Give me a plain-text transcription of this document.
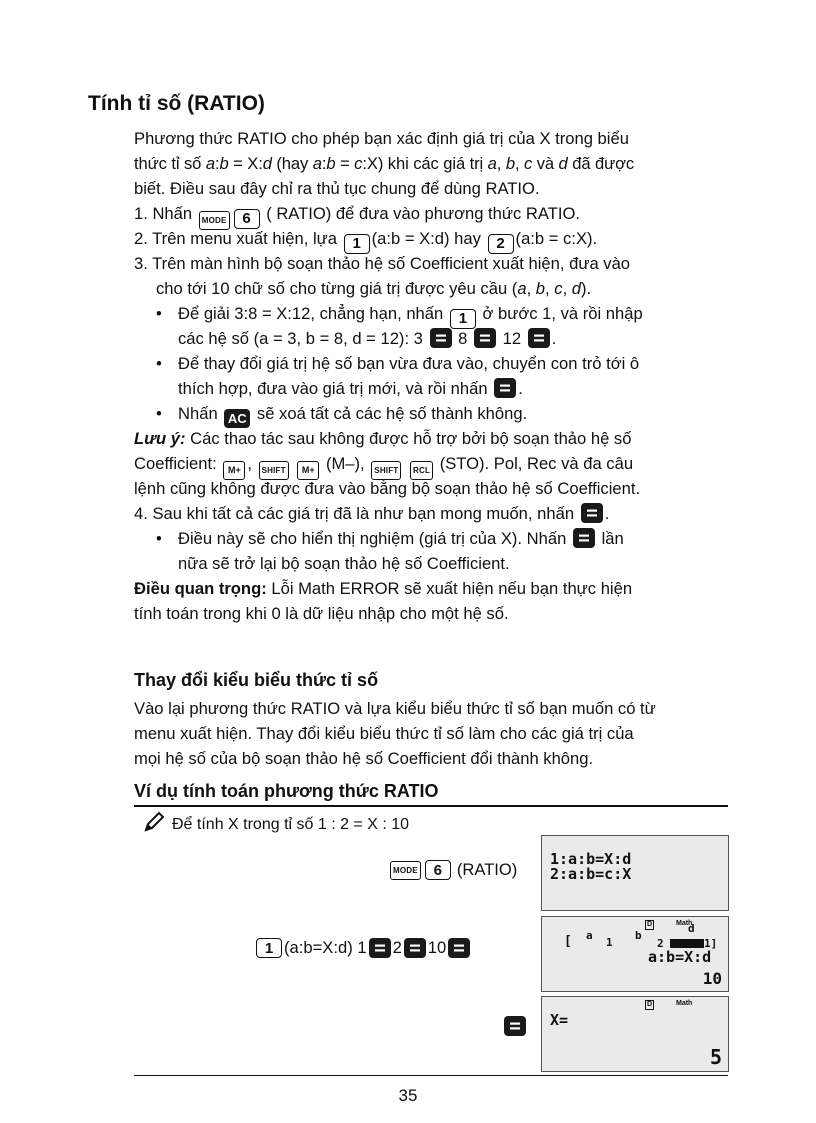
Tính tỉ số (RATIO)
Phương thức RATIO cho phép bạn xác định giá trị của X trong biểu
thức tỉ số a:b = X:d (hay a:b = c:X) khi các giá trị a, b, c và d đã được
biết. Điều sau đây chỉ ra thủ tục chung để dùng RATIO.
1. Nhấn MODE 6 ( RATIO) để đưa vào phương thức RATIO.
2. Trên menu xuất hiện, lựa 1 (a:b = X:d) hay 2 (a:b = c:X).
3. Trên màn hình bộ soạn thảo hệ số Coefficient xuất hiện, đưa vào
cho tới 10 chữ số cho từng giá trị được yêu cầu (a, b, c, d).
• Để giải 3:8 = X:12, chẳng hạn, nhấn 1 ở bước 1, và rồi nhập
các hệ số (a = 3, b = 8, d = 12): 3 8 12 .
• Để thay đổi giá trị hệ số bạn vừa đưa vào, chuyển con trỏ tới ô
thích hợp, đưa vào giá trị mới, và rồi nhấn .
• Nhấn AC sẽ xoá tất cả các hệ số thành không.
Lưu ý: Các thao tác sau không được hỗ trợ bởi bộ soạn thảo hệ số
Coefficient: M+ , SHIFT M+ (M–), SHIFT RCL (STO). Pol, Rec và đa câu
lệnh cũng không được đưa vào bằng bộ soạn thảo hệ số Coefficient.
4. Sau khi tất cả các giá trị đã là như bạn mong muốn, nhấn .
• Điều này sẽ cho hiển thị nghiệm (giá trị của X). Nhấn lần
nữa sẽ trở lại bộ soạn thảo hệ số Coefficient.
Điều quan trọng: Lỗi Math ERROR sẽ xuất hiện nếu bạn thực hiện
tính toán trong khi 0 là dữ liệu nhập cho một hệ số.
Thay đổi kiểu biểu thức tỉ số
Vào lại phương thức RATIO và lựa kiểu biểu thức tỉ số bạn muốn có từ
menu xuất hiện. Thay đổi kiểu biểu thức tỉ số làm cho các giá trị của
mọi hệ số của bộ soạn thảo hệ số Coefficient đổi thành không.
Ví dụ tính toán phương thức RATIO
Để tính X trong tỉ số 1 : 2 = X : 10
MODE	6 (RATIO)
1:a:b=X:d
2:a:b=c:X
1 (a:b=X:d) 1 2 10
D	Math
[ a
1
b
2
d
1]
a:b=X:d
10
D	Math
X=
5
35
